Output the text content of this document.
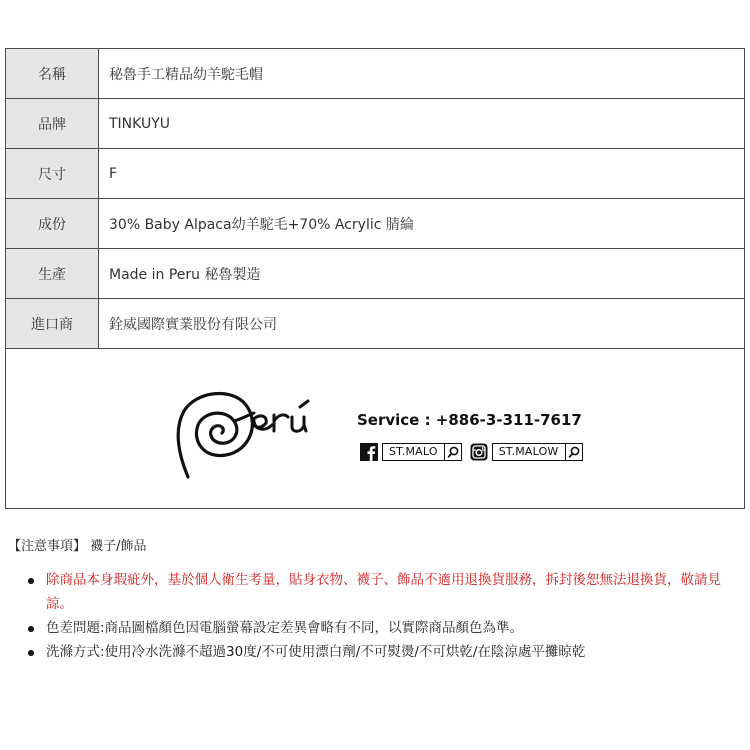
名稱	秘魯手工精品幼羊駝毛帽
品牌	TINKUYU
尺寸	F
成份	30% Baby Alpaca幼羊駝毛+70% Acrylic 腈綸
生產	Made in Peru 秘魯製造
進口商	銓威國際實業股份有限公司

Service : +886-3-311-7617
ST.MALO ST.MALOW	
【注意事項】 襪子/飾品
除商品本身瑕疵外，基於個人衛生考量，貼身衣物、襪子、飾品不適用退換貨服務，拆封後恕無法退換貨，敬請見諒。
色差問題:商品圖檔顏色因電腦螢幕設定差異會略有不同，以實際商品顏色為準。
洗滌方式:使用冷水洗滌不超過30度/不可使用漂白劑/不可熨燙/不可烘乾/在陰涼處平攤晾乾
